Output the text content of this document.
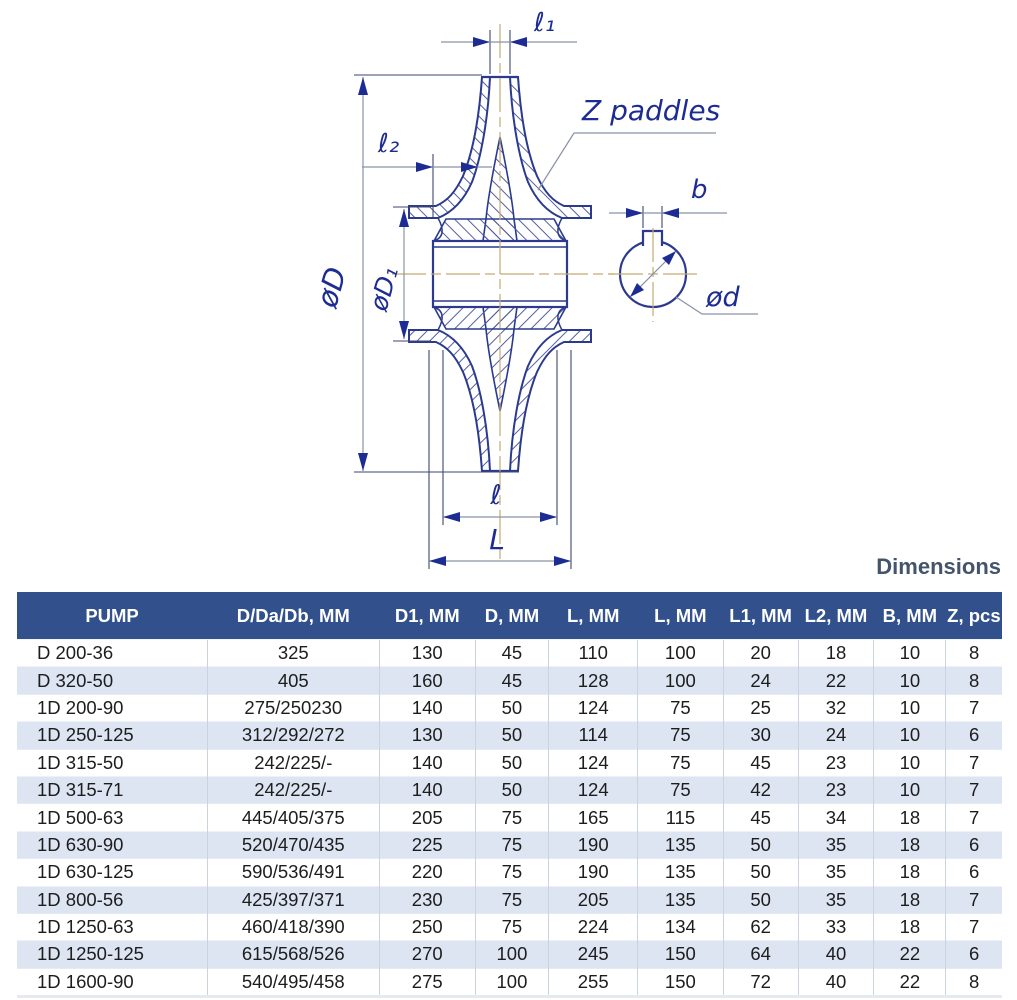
ℓ₁
øD øD₁
ℓ₂
Z paddles
ℓ
L
b
ød
Dimensions
PUMP	D/Da/Db, MM	D1, MM	D, MM	L, MM	L, MM	L1, MM	L2, MM	B, MM	Z, pcs
D 200-36	325	130	45	110	100	20	18	10	8
D 320-50	405	160	45	128	100	24	22	10	8
1D 200-90	275/250230	140	50	124	75	25	32	10	7
1D 250-125	312/292/272	130	50	114	75	30	24	10	6
1D 315-50	242/225/-	140	50	124	75	45	23	10	7
1D 315-71	242/225/-	140	50	124	75	42	23	10	7
1D 500-63	445/405/375	205	75	165	115	45	34	18	7
1D 630-90	520/470/435	225	75	190	135	50	35	18	6
1D 630-125	590/536/491	220	75	190	135	50	35	18	6
1D 800-56	425/397/371	230	75	205	135	50	35	18	7
1D 1250-63	460/418/390	250	75	224	134	62	33	18	7
1D 1250-125	615/568/526	270	100	245	150	64	40	22	6
1D 1600-90	540/495/458	275	100	255	150	72	40	22	8
